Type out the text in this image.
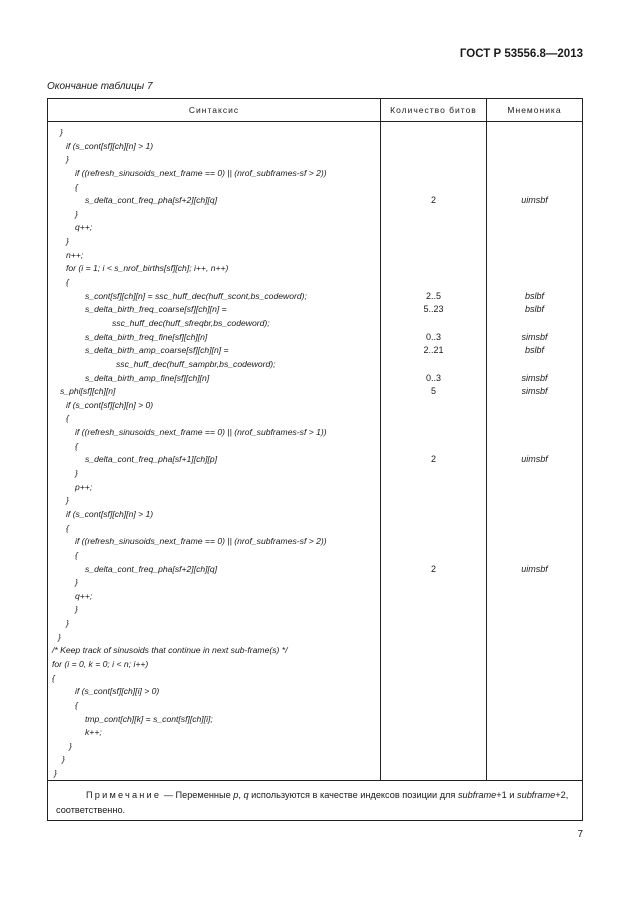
ГОСТ Р 53556.8—2013
Окончание таблицы 7
Синтаксис	Количество битов	Мнемоника
}
if (s_cont[sf][ch][n] > 1)
}
if ((refresh_sinusoids_next_frame == 0) || (nrof_subframes-sf > 2))
{
s_delta_cont_freq_pha[sf+2][ch][q]	2	uimsbf
}
q++;
}
n++;
for (i = 1; i < s_nrof_births[sf][ch]; i++, n++)
{
s_cont[sf][ch][n] = ssc_huff_dec(huff_scont,bs_codeword);	2..5	bslbf
s_delta_birth_freq_coarse[sf][ch][n] =	5..23	bslbf
ssc_huff_dec(huff_sfreqbr,bs_codeword);
s_delta_birth_freq_fine[sf][ch][n]	0..3	simsbf
s_delta_birth_amp_coarse[sf][ch][n] =	2..21	bslbf
ssc_huff_dec(huff_sampbr,bs_codeword);
s_delta_birth_amp_fine[sf][ch][n]	0..3	simsbf
s_phi[sf][ch][n]	5	simsbf
if (s_cont[sf][ch][n] > 0)
{
if ((refresh_sinusoids_next_frame == 0) || (nrof_subframes-sf > 1))
{
s_delta_cont_freq_pha[sf+1][ch][p]	2	uimsbf
}
p++;
}
if (s_cont[sf][ch][n] > 1)
{
if ((refresh_sinusoids_next_frame == 0) || (nrof_subframes-sf > 2))
{
s_delta_cont_freq_pha[sf+2][ch][q]	2	uimsbf
}
q++;
}
}
}
/* Keep track of sinusoids that continue in next sub-frame(s) */
for (i = 0, k = 0; i < n; i++)
{
if (s_cont[sf][ch][i] > 0)
{
tmp_cont[ch][k] = s_cont[sf][ch][i];
k++;
}
}
}
Примечание — Переменные p, q используются в качестве индексов позиции для subframe+1 и subframe+2, соответственно.
7
